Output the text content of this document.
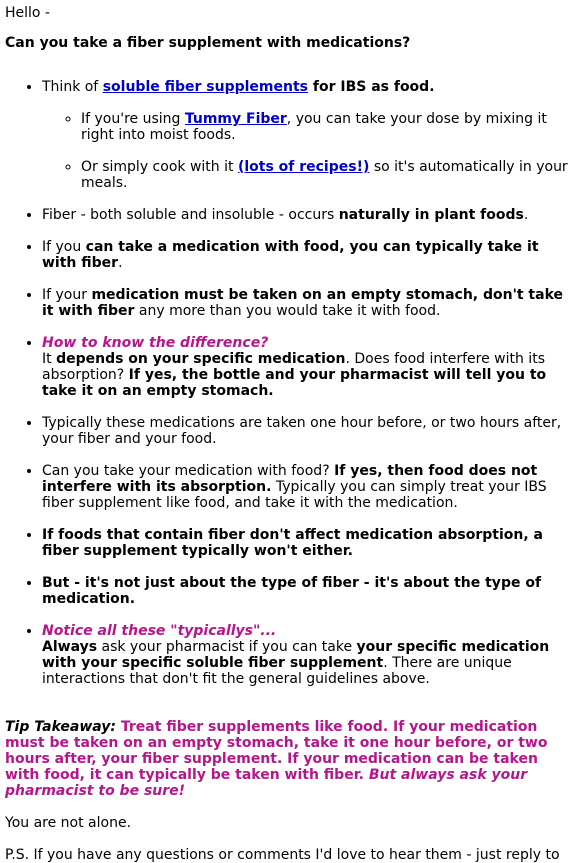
Hello -

Can you take a fiber supplement with medications?

• Think of soluble fiber supplements for IBS as food.
◦ If you're using Tummy Fiber, you can take your dose by mixing it right into moist foods.
◦ Or simply cook with it (lots of recipes!) so it's automatically in your meals.
• Fiber - both soluble and insoluble - occurs naturally in plant foods.
• If you can take a medication with food, you can typically take it with fiber.
• If your medication must be taken on an empty stomach, don't take it with fiber any more than you would take it with food.
• How to know the difference?
It depends on your specific medication. Does food interfere with its absorption? If yes, the bottle and your pharmacist will tell you to take it on an empty stomach.
• Typically these medications are taken one hour before, or two hours after, your fiber and your food.
• Can you take your medication with food? If yes, then food does not interfere with its absorption. Typically you can simply treat your IBS fiber supplement like food, and take it with the medication.
• If foods that contain fiber don't affect medication absorption, a fiber supplement typically won't either.
• But - it's not just about the type of fiber - it's about the type of medication.
• Notice all these "typicallys"...
Always ask your pharmacist if you can take your specific medication with your specific soluble fiber supplement. There are unique interactions that don't fit the general guidelines above.

Tip Takeaway: Treat fiber supplements like food. If your medication must be taken on an empty stomach, take it one hour before, or two hours after, your fiber supplement. If your medication can be taken with food, it can typically be taken with fiber. But always ask your pharmacist to be sure!

You are not alone.

P.S. If you have any questions or comments I'd love to hear them - just reply to
